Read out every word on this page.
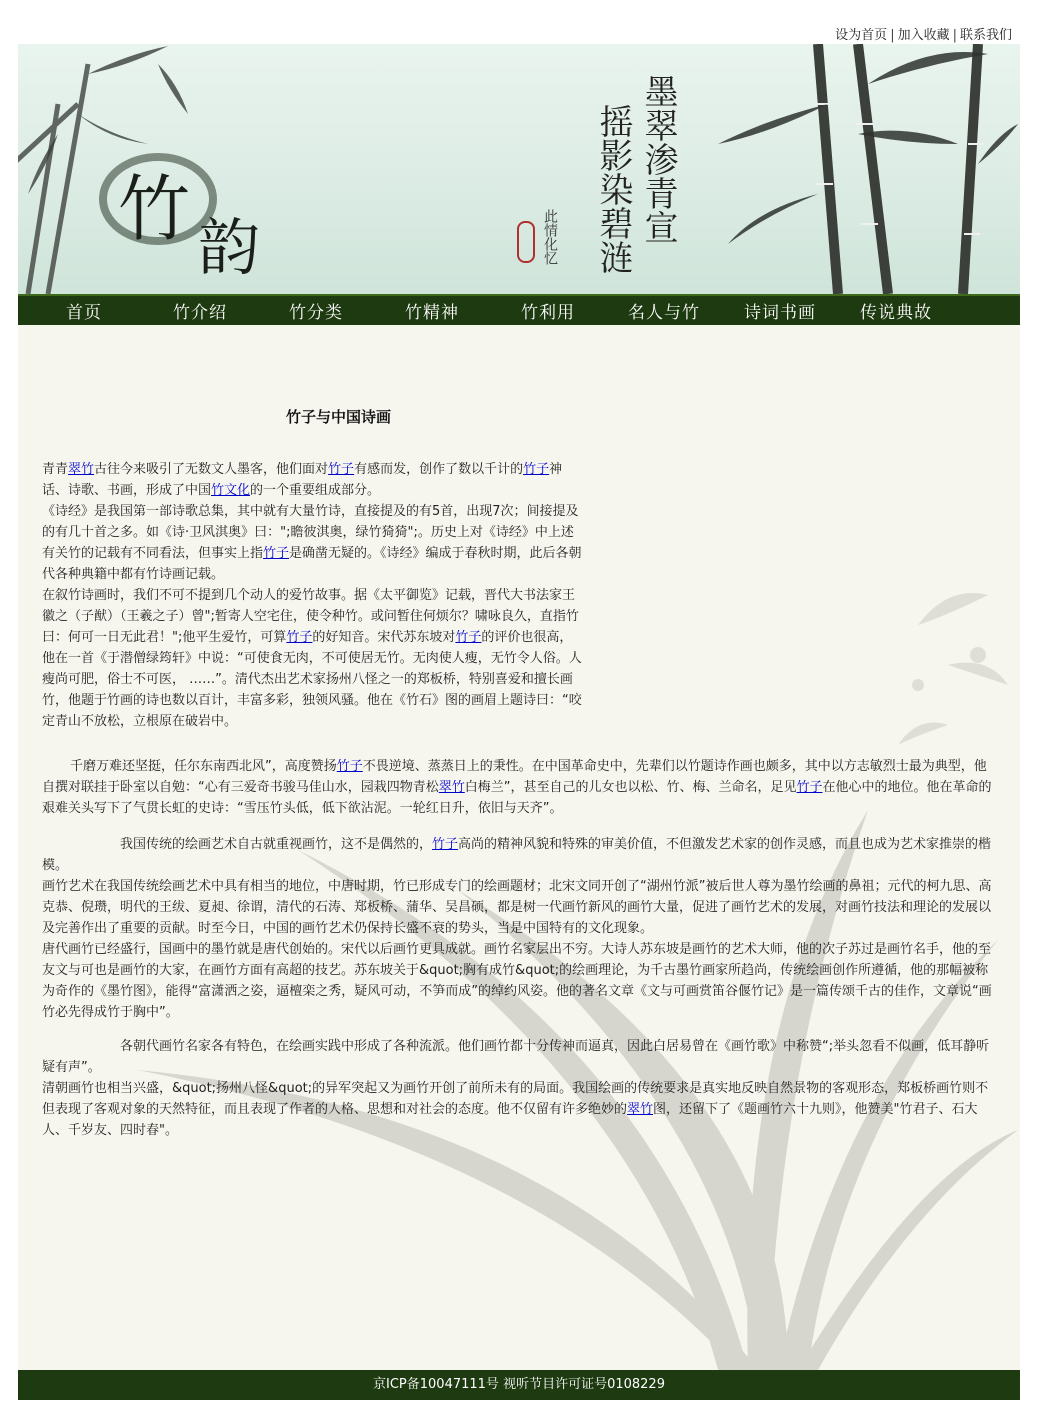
设为首页 | 加入收藏 | 联系我们
竹 韵
墨翠渗青宣
摇影染碧涟
此情化忆
首页	竹介绍	竹分类	竹精神	竹利用	名人与竹	诗词书画	传说典故
竹子与中国诗画

青青翠竹古往今来吸引了无数文人墨客，他们面对竹子有感而发，创作了数以千计的竹子神话、诗歌、书画，形成了中国竹文化的一个重要组成部分。

《诗经》是我国第一部诗歌总集，其中就有大量竹诗，直接提及的有5首，出现7次；间接提及的有几十首之多。如《诗·卫风淇奥》曰：";瞻彼淇奥，绿竹猗猗";。历史上对《诗经》中上述有关竹的记载有不同看法，但事实上指竹子是确凿无疑的。《诗经》编成于春秋时期，此后各朝代各种典籍中都有竹诗画记载。

在叙竹诗画时，我们不可不提到几个动人的爱竹故事。据《太平御览》记载，晋代大书法家王徽之（子猷）（王羲之子）曾";暂寄人空宅住，使令种竹。或问暂住何烦尔？啸咏良久，直指竹曰：何可一日无此君！";他平生爱竹，可算竹子的好知音。宋代苏东坡对竹子的评价也很高，他在一首《于潜僧绿筠轩》中说：“可使食无肉，不可使居无竹。无肉使人瘦，无竹令人俗。人瘦尚可肥，俗士不可医， ……”。清代杰出艺术家扬州八怪之一的郑板桥，特别喜爱和擅长画竹，他题于竹画的诗也数以百计，丰富多彩，独领风骚。他在《竹石》图的画眉上题诗曰：“咬 定青山不放松，立根原在破岩中。

千磨万难还坚挺，任尔东南西北风”，高度赞扬竹子不畏逆境、蒸蒸日上的秉性。在中国革命史中，先辈们以竹题诗作画也颇多，其中以方志敏烈士最为典型，他自撰对联挂于卧室以自勉：“心有三爱奇书骏马佳山水，园栽四物青松翠竹白梅兰”，甚至自己的儿女也以松、竹、梅、兰命名，足见竹子在他心中的地位。他在革命的艰难关头写下了气贯长虹的史诗：“雪压竹头低，低下欲沾泥。一轮红日升，依旧与天齐”。

我国传统的绘画艺术自古就重视画竹，这不是偶然的，竹子高尚的精神风貌和特殊的审美价值，不但激发艺术家的创作灵感，而且也成为艺术家推崇的楷模。

画竹艺术在我国传统绘画艺术中具有相当的地位，中唐时期，竹已形成专门的绘画题材；北宋文同开创了“湖州竹派”被后世人尊为墨竹绘画的鼻祖；元代的柯九思、高克恭、倪瓒，明代的王绂、夏昶、徐谓，清代的石涛、郑板桥、蒲华、吴昌硕，都是树一代画竹新风的画竹大量，促进了画竹艺术的发展，对画竹技法和理论的发展以及完善作出了重要的贡献。时至今日，中国的画竹艺术仍保持长盛不衰的势头，当是中国特有的文化现象。

唐代画竹已经盛行，国画中的墨竹就是唐代创始的。宋代以后画竹更具成就。画竹名家层出不穷。大诗人苏东坡是画竹的艺术大师，他的次子苏过是画竹名手，他的至友文与可也是画竹的大家，在画竹方面有高超的技艺。苏东坡关于&quot;胸有成竹&quot;的绘画理论，为千古墨竹画家所趋尚，传统绘画创作所遵循，他的那幅被称为奇作的《墨竹图》，能得“富潇洒之姿，逼檀栾之秀，疑风可动，不笋而成”的绰约风姿。他的著名文章《文与可画赏笛谷偃竹记》是一篇传颂千古的佳作，文章说“画竹必先得成竹于胸中”。

各朝代画竹名家各有特色，在绘画实践中形成了各种流派。他们画竹都十分传神而逼真，因此白居易曾在《画竹歌》中称赞“;举头忽看不似画，低耳静听疑有声”。

清朝画竹也相当兴盛，&quot;扬州八怪&quot;的异军突起又为画竹开创了前所未有的局面。我国绘画的传统要求是真实地反映自然景物的客观形态，郑板桥画竹则不但表现了客观对象的天然特征，而且表现了作者的人格、思想和对社会的态度。他不仅留有许多绝妙的翠竹图，还留下了《题画竹六十九则》，他赞美"竹君子、石大人、千岁友、四时春"。

京ICP备10047111号 视听节目许可证号0108229
